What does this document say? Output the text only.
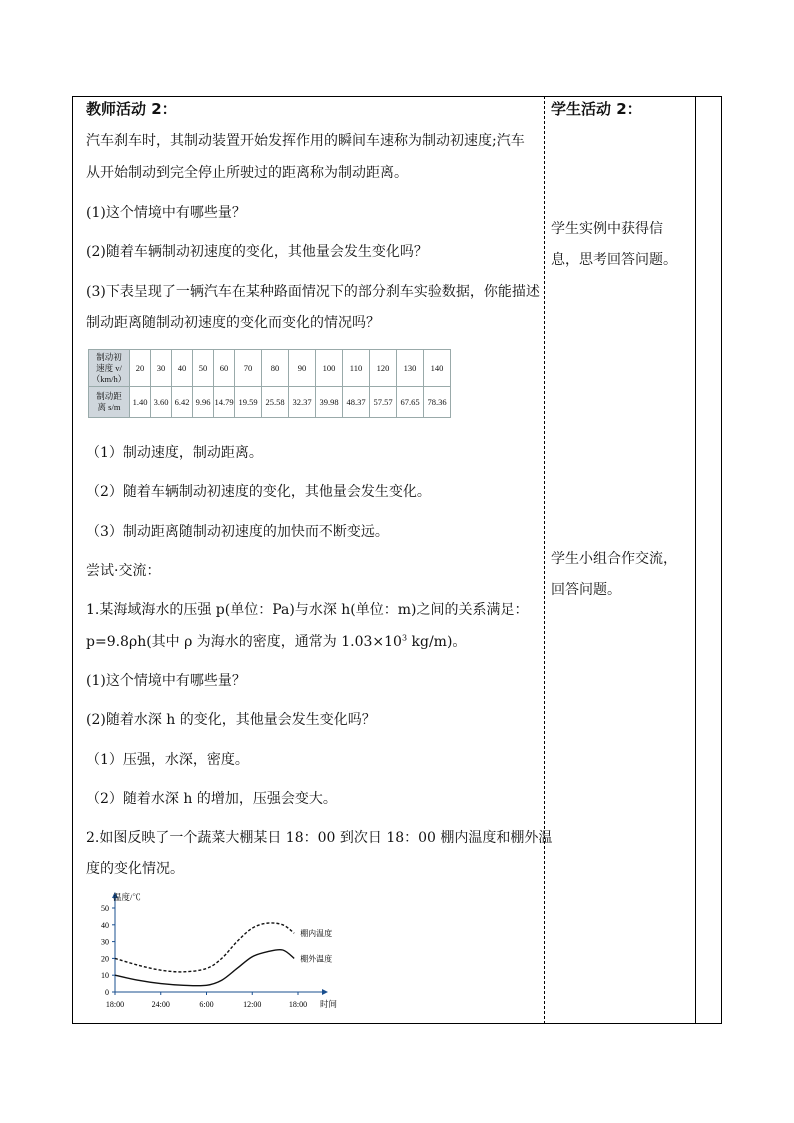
教师活动 2：
汽车刹车时，其制动装置开始发挥作用的瞬间车速称为制动初速度;汽车
从开始制动到完全停止所驶过的距离称为制动距离。
(1)这个情境中有哪些量？
(2)随着车辆制动初速度的变化，其他量会发生变化吗？
(3)下表呈现了一辆汽车在某种路面情况下的部分刹车实验数据，你能描述
制动距离随制动初速度的变化而变化的情况吗？
制动初
速度 v/
（km/h）	20	30	40	50	60	70	80	90	100	110	120	130	140

制动距
离 s/m	1.40	3.60	6.42	9.96	14.79	19.59	25.58	32.37	39.98	48.37	57.57	67.65	78.36
（1）制动速度，制动距离。
（2）随着车辆制动初速度的变化，其他量会发生变化。
（3）制动距离随制动初速度的加快而不断变远。
尝试·交流：
1.某海域海水的压强 p(单位：Pa)与水深 h(单位：m)之间的关系满足：
p=9.8ρh(其中 ρ 为海水的密度，通常为 $1.03\times 10^3$ kg/m)。
(1)这个情境中有哪些量？
(2)随着水深 h 的变化，其他量会发生变化吗？
（1）压强，水深，密度。
（2）随着水深 h 的增加，压强会变大。
2.如图反映了一个蔬菜大棚某日 18：00 到次日 18：00 棚内温度和棚外温
度的变化情况。
0
10
20
30
40
50
18:00	24:00	6:00	12:00	18:00
温度/℃
时间
棚内温度
棚外温度
学生活动 2：
学生实例中获得信
息，思考回答问题。
学生小组合作交流，
回答问题。
